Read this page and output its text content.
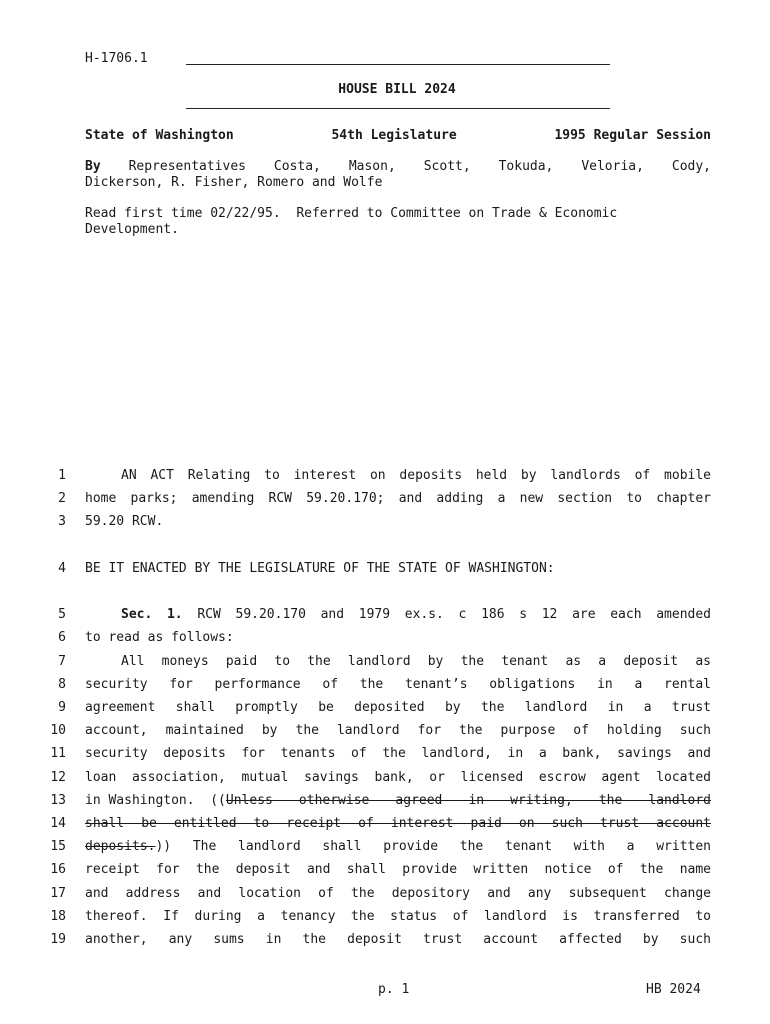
H-1706.1
HOUSE BILL 2024
State of Washington	54th Legislature	1995 Regular Session
By Representatives Costa, Mason, Scott, Tokuda, Veloria, Cody,
Dickerson, R. Fisher, Romero and Wolfe
Read first time 02/22/95.  Referred to Committee on Trade & Economic
Development.
1
2
3
4
5
6
7
8
9
10
11
12
13
14
15
16
17
18
19
AN ACT Relating to interest on deposits held by landlords of mobile
home parks; amending RCW 59.20.170; and adding a new section to chapter
59.20 RCW.
BE IT ENACTED BY THE LEGISLATURE OF THE STATE OF WASHINGTON:
Sec. 1. RCW 59.20.170 and 1979 ex.s. c 186 s 12 are each amended
to read as follows:
All moneys paid to the landlord by the tenant as a deposit as
security for performance of the tenant’s obligations in a rental
agreement shall promptly be deposited by the landlord in a trust
account, maintained by the landlord for the purpose of holding such
security deposits for tenants of the landlord, in a bank, savings and
loan association, mutual savings bank, or licensed escrow agent located
in Washington.  (( Unless otherwise agreed in writing, the landlord
shall be entitled to receipt of interest paid on such trust account
deposits. )) The landlord shall provide the tenant with a written
receipt for the deposit and shall provide written notice of the name
and address and location of the depository and any subsequent change
thereof. If during a tenancy the status of landlord is transferred to
another, any sums in the deposit trust account affected by such
p. 1	HB 2024
